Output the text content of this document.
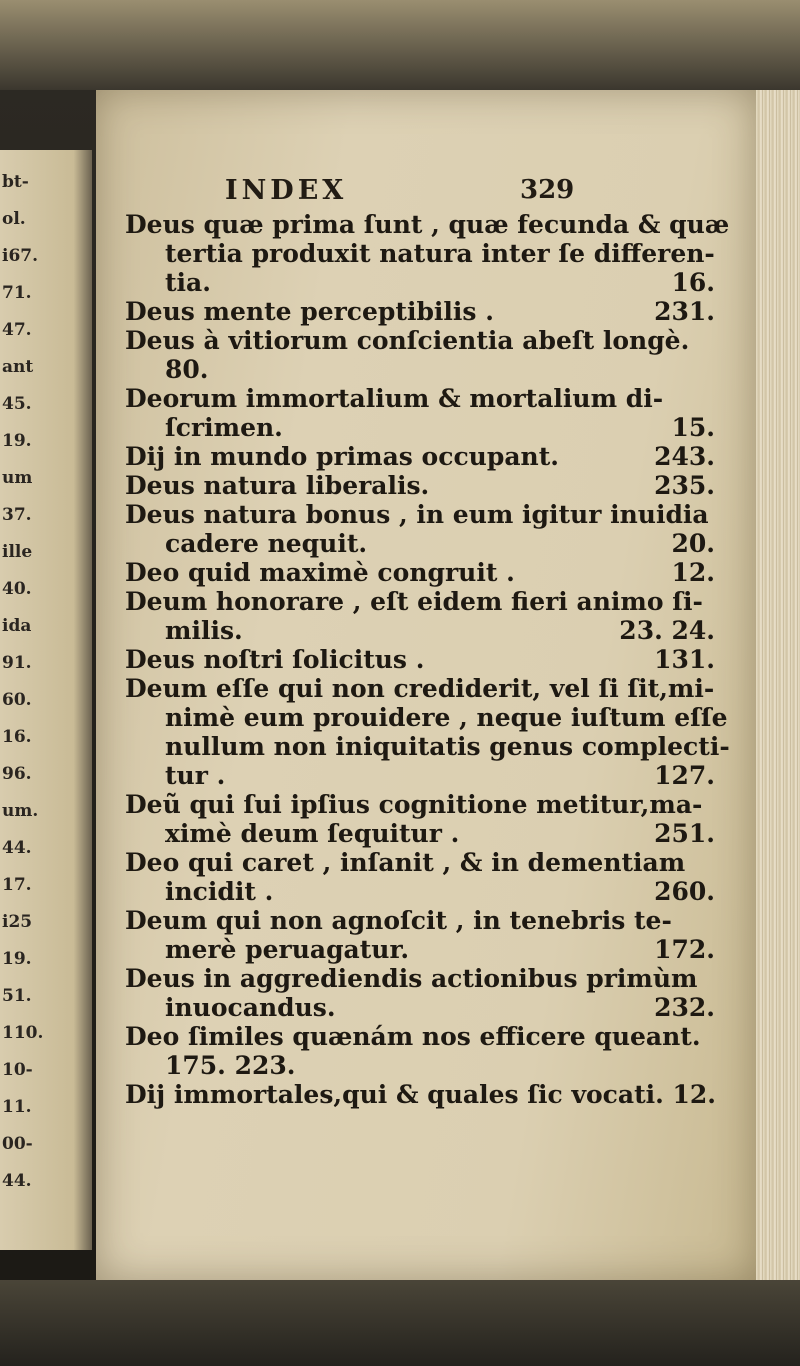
bt-
ol.
i67.
71.
47.
ant
45.
19.
um
37.
ille
40.
ida
91.
60.
16.
96.
um.
44.
17.
i25
19.
51.
110.
10-
11.
00-
44.
INDEX	329
Deus quæ prima ſunt , quæ fecunda & quæ
tertia produxit natura inter ſe differen-
tia.	16.
Deus mente perceptibilis .	231.
Deus à vitiorum conſcientia abeſt longè.
80.
Deorum immortalium & mortalium di-
ſcrimen.	15.
Dij in mundo primas occupant.	243.
Deus natura liberalis.	235.
Deus natura bonus , in eum igitur inuidia
cadere nequit.	20.
Deo quid maximè congruit .	12.
Deum honorare , eſt eidem fieri animo ſi-
milis.	23. 24.
Deus noſtri ſolicitus .	131.
Deum eſſe qui non crediderit, vel ſi ſit,mi-
nimè eum prouidere , neque iuſtum eſſe
nullum non iniquitatis genus complecti-
tur .	127.
Deũ qui ſui ipſius cognitione metitur,ma-
ximè deum ſequitur .	251.
Deo qui caret , inſanit , & in dementiam
incidit .	260.
Deum qui non agnoſcit , in tenebris te-
merè peruagatur.	172.
Deus in aggrediendis actionibus primùm
inuocandus.	232.
Deo ſimiles quænám nos efficere queant.
175. 223.
Dij immortales,qui & quales ſic vocati. 12.
